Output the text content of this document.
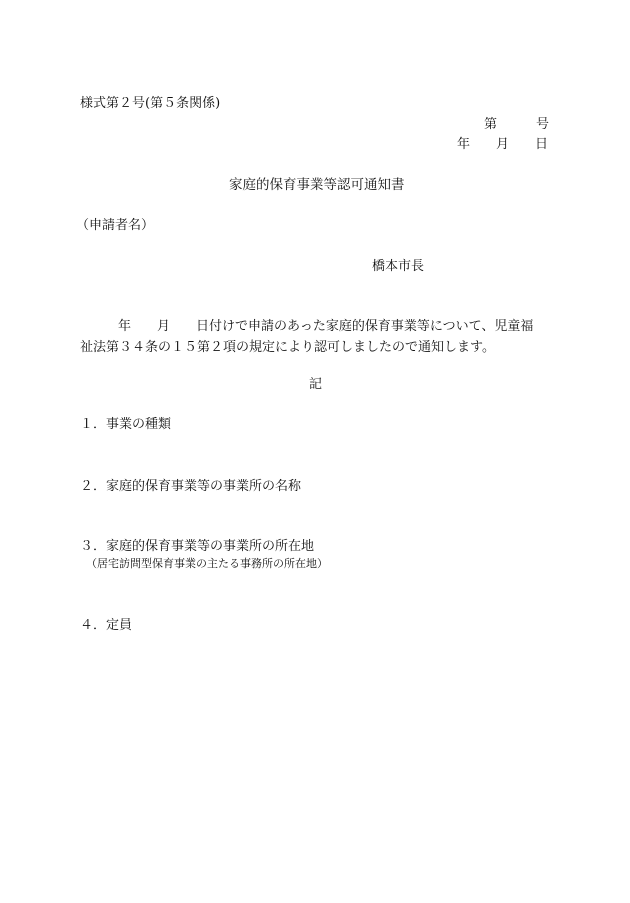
様式第２号(第５条関係)
第　　　号
年　　月　　日
家庭的保育事業等認可通知書
（申請者名）
橋本市長
年　　月　　日付けで申請のあった家庭的保育事業等について、児童福
祉法第３４条の１５第２項の規定により認可しましたので通知します。
記
１．事業の種類
２．家庭的保育事業等の事業所の名称
３．家庭的保育事業等の事業所の所在地
（居宅訪問型保育事業の主たる事務所の所在地）
４．定員
